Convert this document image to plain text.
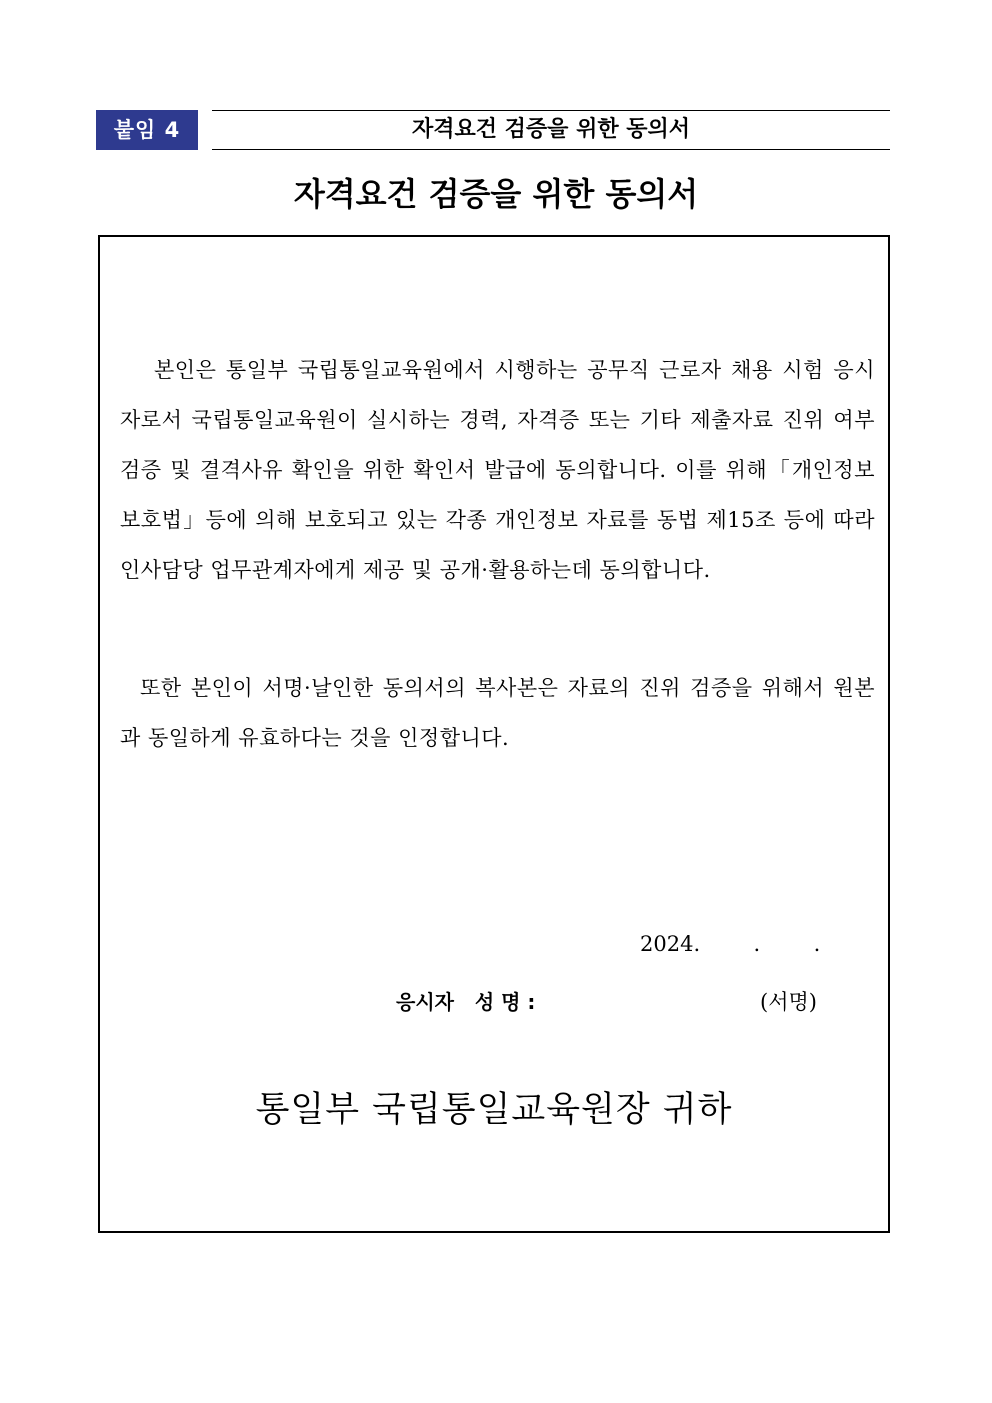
붙임 4	자격요건 검증을 위한 동의서
자격요건 검증을 위한 동의서
본인은 통일부 국립통일교육원에서 시행하는 공무직 근로자 채용 시험 응시자로서 국립통일교육원이 실시하는 경력, 자격증 또는 기타 제출자료 진위 여부 검증 및 결격사유 확인을 위한 확인서 발급에 동의합니다. 이를 위해「개인정보보호법」등에 의해 보호되고 있는 각종 개인정보 자료를 동법 제15조 등에 따라 인사담당 업무관계자에게 제공 및 공개·활용하는데 동의합니다.
또한 본인이 서명·날인한 동의서의 복사본은 자료의 진위 검증을 위해서 원본과 동일하게 유효하다는 것을 인정합니다.
2024.        .        .
응시자   성 명 :	(서명)
통일부 국립통일교육원장 귀하
